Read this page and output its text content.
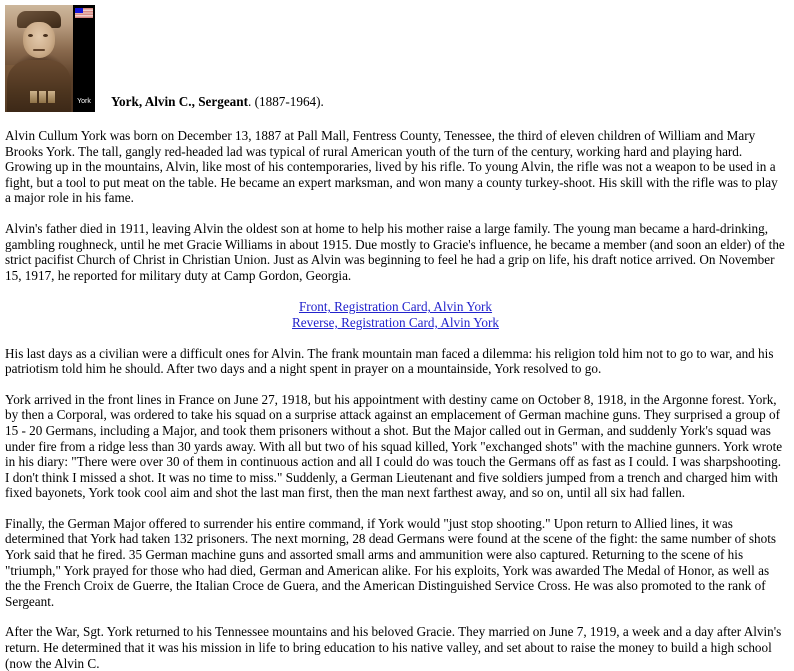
York	York, Alvin C., Sergeant. (1887-1964).

Alvin Cullum York was born on December 13, 1887 at Pall Mall, Fentress County, Tenessee, the third of eleven children of William and Mary Brooks York. The tall, gangly red-headed lad was typical of rural American youth of the turn of the century, working hard and playing hard. Growing up in the mountains, Alvin, like most of his contemporaries, lived by his rifle. To young Alvin, the rifle was not a weapon to be used in a fight, but a tool to put meat on the table. He became an expert marksman, and won many a county turkey-shoot. His skill with the rifle was to play a major role in his fame.

Alvin's father died in 1911, leaving Alvin the oldest son at home to help his mother raise a large family. The young man became a hard-drinking, gambling roughneck, until he met Gracie Williams in about 1915. Due mostly to Gracie's influence, he became a member (and soon an elder) of the strict pacifist Church of Christ in Christian Union. Just as Alvin was beginning to feel he had a grip on life, his draft notice arrived. On November 15, 1917, he reported for military duty at Camp Gordon, Georgia.

Front, Registration Card, Alvin York
Reverse, Registration Card, Alvin York

His last days as a civilian were a difficult ones for Alvin. The frank mountain man faced a dilemma: his religion told him not to go to war, and his patriotism told him he should. After two days and a night spent in prayer on a mountainside, York resolved to go.

York arrived in the front lines in France on June 27, 1918, but his appointment with destiny came on October 8, 1918, in the Argonne forest. York, by then a Corporal, was ordered to take his squad on a surprise attack against an emplacement of German machine guns. They surprised a group of 15 - 20 Germans, including a Major, and took them prisoners without a shot. But the Major called out in German, and suddenly York's squad was under fire from a ridge less than 30 yards away. With all but two of his squad killed, York "exchanged shots" with the machine gunners. York wrote in his diary: "There were over 30 of them in continuous action and all I could do was touch the Germans off as fast as I could. I was sharpshooting. I don't think I missed a shot. It was no time to miss." Suddenly, a German Lieutenant and five soldiers jumped from a trench and charged him with fixed bayonets, York took cool aim and shot the last man first, then the man next farthest away, and so on, until all six had fallen.

Finally, the German Major offered to surrender his entire command, if York would "just stop shooting." Upon return to Allied lines, it was determined that York had taken 132 prisoners. The next morning, 28 dead Germans were found at the scene of the fight: the same number of shots York said that he fired. 35 German machine guns and assorted small arms and ammunition were also captured. Returning to the scene of his "triumph," York prayed for those who had died, German and American alike. For his exploits, York was awarded The Medal of Honor, as well as the the French Croix de Guerre, the Italian Croce de Guera, and the American Distinguished Service Cross. He was also promoted to the rank of Sergeant.

After the War, Sgt. York returned to his Tennessee mountains and his beloved Gracie. They married on June 7, 1919, a week and a day after Alvin's return. He determined that it was his mission in life to bring education to his native valley, and set about to raise the money to build a high school (now the Alvin C.
